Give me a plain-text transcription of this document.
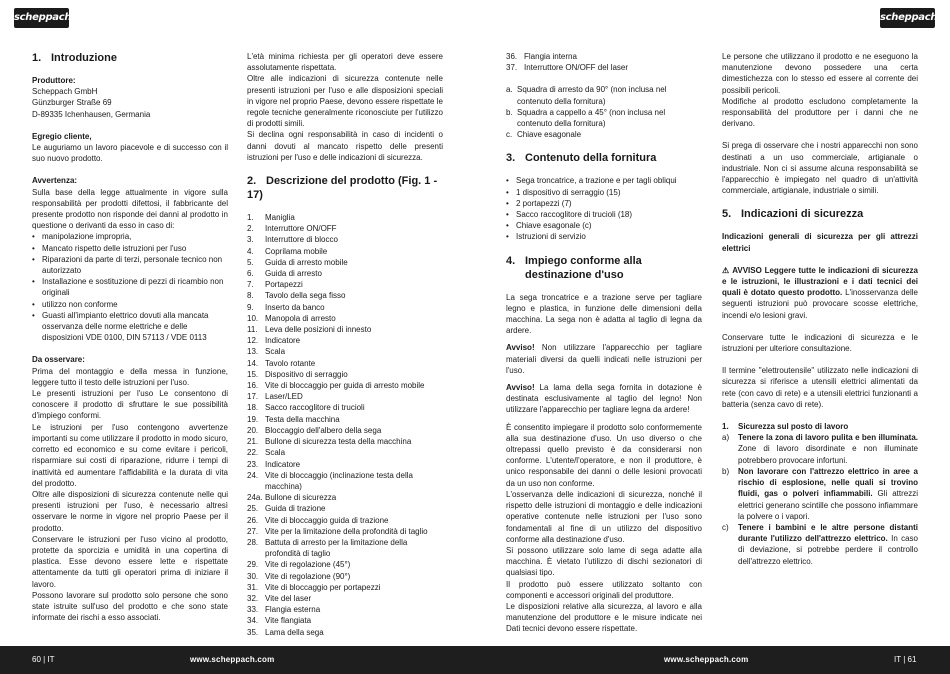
scheppach	scheppach
1. Introduzione

Produttore:

Scheppach GmbH

Günzburger Straße 69

D-89335 Ichenhausen, Germania

Egregio cliente,

Le auguriamo un lavoro piacevole e di successo con il suo nuovo prodotto.

Avvertenza:

Sulla base della legge attualmente in vigore sulla responsabilità per prodotti difettosi, il fabbricante del presente prodotto non risponde dei danni al prodotto in questione o derivanti da esso in caso di:

• manipolazione impropria,
• Mancato rispetto delle istruzioni per l'uso
• Riparazioni da parte di terzi, personale tecnico non autorizzato
• Installazione e sostituzione di pezzi di ricambio non originali
• utilizzo non conforme
• Guasti all'impianto elettrico dovuti alla mancata osservanza delle norme elettriche e delle disposizioni VDE 0100, DIN 57113 / VDE 0113

Da osservare:

Prima del montaggio e della messa in funzione, leggere tutto il testo delle istruzioni per l'uso.

Le presenti istruzioni per l'uso Le consentono di conoscere il prodotto di sfruttare le sue possibilità d'impiego conformi.

Le istruzioni per l'uso contengono avvertenze importanti su come utilizzare il prodotto in modo sicuro, corretto ed economico e su come evitare i pericoli, risparmiare sui costi di riparazione, ridurre i tempi di inattività ed aumentare l'affidabilità e la durata di vita del prodotto.

Oltre alle disposizioni di sicurezza contenute nelle qui presenti istruzioni per l'uso, è necessario altresì osservare le norme in vigore nel proprio Paese per il prodotto.

Conservare le istruzioni per l'uso vicino al prodotto, protette da sporcizia e umidità in una copertina di plastica. Esse devono essere lette e rispettate attentamente da tutti gli operatori prima di iniziare il lavoro.

Possono lavorare sul prodotto solo persone che sono state istruite sull'uso del prodotto e che sono state informate dei rischi a esso associati.

L'età minima richiesta per gli operatori deve essere assolutamente rispettata.

Oltre alle indicazioni di sicurezza contenute nelle presenti istruzioni per l'uso e alle disposizioni speciali in vigore nel proprio Paese, devono essere rispettate le regole tecniche generalmente riconosciute per l'utilizzo di prodotti simili.

Si declina ogni responsabilità in caso di incidenti o danni dovuti al mancato rispetto delle presenti istruzioni per l'uso e delle indicazioni di sicurezza.

2. Descrizione del prodotto (Fig. 1 - 17)
1.	Maniglia
2.	Interruttore ON/OFF
3.	Interruttore di blocco
4.	Coprilama mobile
5.	Guida di arresto mobile
6.	Guida di arresto
7.	Portapezzi
8.	Tavolo della sega fisso
9.	Inserto da banco
10. Manopola di arresto
11. Leva delle posizioni di innesto
12. Indicatore
13. Scala
14. Tavolo rotante
15. Dispositivo di serraggio
16. Vite di bloccaggio per guida di arresto mobile
17. Laser/LED
18. Sacco raccoglitore di trucioli
19. Testa della macchina
20. Bloccaggio dell'albero della sega
21. Bullone di sicurezza testa della macchina
22. Scala
23. Indicatore
24. Vite di bloccaggio (inclinazione testa della macchina)
24a. Bullone di sicurezza
25. Guida di trazione
26. Vite di bloccaggio guida di trazione
27. Vite per la limitazione della profondità di taglio
28. Battuta di arresto per la limitazione della profondità di taglio
29. Vite di regolazione (45°)
30. Vite di regolazione (90°)
31. Vite di bloccaggio per portapezzi
32. Vite del laser
33. Flangia esterna
34. Vite flangiata
35. Lama della sega
36. Flangia interna
37. Interruttore ON/OFF del laser
a. Squadra di arresto da 90° (non inclusa nel contenuto della fornitura)
b. Squadra a cappello a 45° (non inclusa nel contenuto della fornitura)
c. Chiave esagonale
3. Contenuto della fornitura
• Sega troncatrice, a trazione e per tagli obliqui
• 1 dispositivo di serraggio (15)
• 2 portapezzi (7)
• Sacco raccoglitore di trucioli (18)
• Chiave esagonale (c)
• Istruzioni di servizio
4. Impiego conforme alla destinazione d'uso

La sega troncatrice e a trazione serve per tagliare legno e plastica, in funzione delle dimensioni della macchina. La sega non è adatta al taglio di legna da ardere.

Avviso! Non utilizzare l'apparecchio per tagliare materiali diversi da quelli indicati nelle istruzioni per l'uso.

Avviso! La lama della sega fornita in dotazione è destinata esclusivamente al taglio del legno! Non utilizzare l'apparecchio per tagliare legna da ardere!

È consentito impiegare il prodotto solo conformemente alla sua destinazione d'uso. Un uso diverso o che oltrepassi quello previsto è da considerarsi non conforme. L'utente/l'operatore, e non il produttore, è unico responsabile dei danni o delle lesioni provocati da un uso non conforme.

L'osservanza delle indicazioni di sicurezza, nonché il rispetto delle istruzioni di montaggio e delle indicazioni operative contenute nelle istruzioni per l'uso sono fondamentali al fine di un utilizzo del dispositivo conforme alla destinazione d'uso.

Si possono utilizzare solo lame di sega adatte alla macchina. È vietato l'utilizzo di dischi sezionatori di qualsiasi tipo.

Il prodotto può essere utilizzato soltanto con componenti e accessori originali del produttore.

Le disposizioni relative alla sicurezza, al lavoro e alla manutenzione del produttore e le misure indicate nei Dati tecnici devono essere rispettate.

Le persone che utilizzano il prodotto e ne eseguono la manutenzione devono possedere una certa dimestichezza con lo stesso ed essere al corrente dei possibili pericoli.

Modifiche al prodotto escludono completamente la responsabilità del produttore per i danni che ne derivano.

Si prega di osservare che i nostri apparecchi non sono destinati a un uso commerciale, artigianale o industriale. Non ci si assume alcuna responsabilità se l'apparecchio è impiegato nel quadro di un'attività commerciale, artigianale, industriale o simili.

5. Indicazioni di sicurezza

Indicazioni generali di sicurezza per gli attrezzi elettrici

⚠ AVVISO Leggere tutte le indicazioni di sicurezza e le istruzioni, le illustrazioni e i dati tecnici dei quali è dotato questo prodotto. L'inosservanza delle seguenti istruzioni può provocare scosse elettriche, incendi e/o lesioni gravi.

Conservare tutte le indicazioni di sicurezza e le istruzioni per ulteriore consultazione.

Il termine "elettroutensile" utilizzato nelle indicazioni di sicurezza si riferisce a utensili elettrici alimentati da rete (con cavo di rete) e a utensili elettrici funzionanti a batteria (senza cavo di rete).

1.	Sicurezza sul posto di lavoro

a)	Tenere la zona di lavoro pulita e ben illuminata. Zone di lavoro disordinate e non illuminate potrebbero provocare infortuni.
b)	Non lavorare con l'attrezzo elettrico in aree a rischio di esplosione, nelle quali si trovino fluidi, gas o polveri infiammabili. Gli attrezzi elettrici generano scintille che possono infiammare la polvere o i vapori.
c)	Tenere i bambini e le altre persone distanti durante l'utilizzo dell'attrezzo elettrico. In caso di deviazione, si potrebbe perdere il controllo dell'attrezzo elettrico.
60 | IT	www.scheppach.com	www.scheppach.com	IT | 61
